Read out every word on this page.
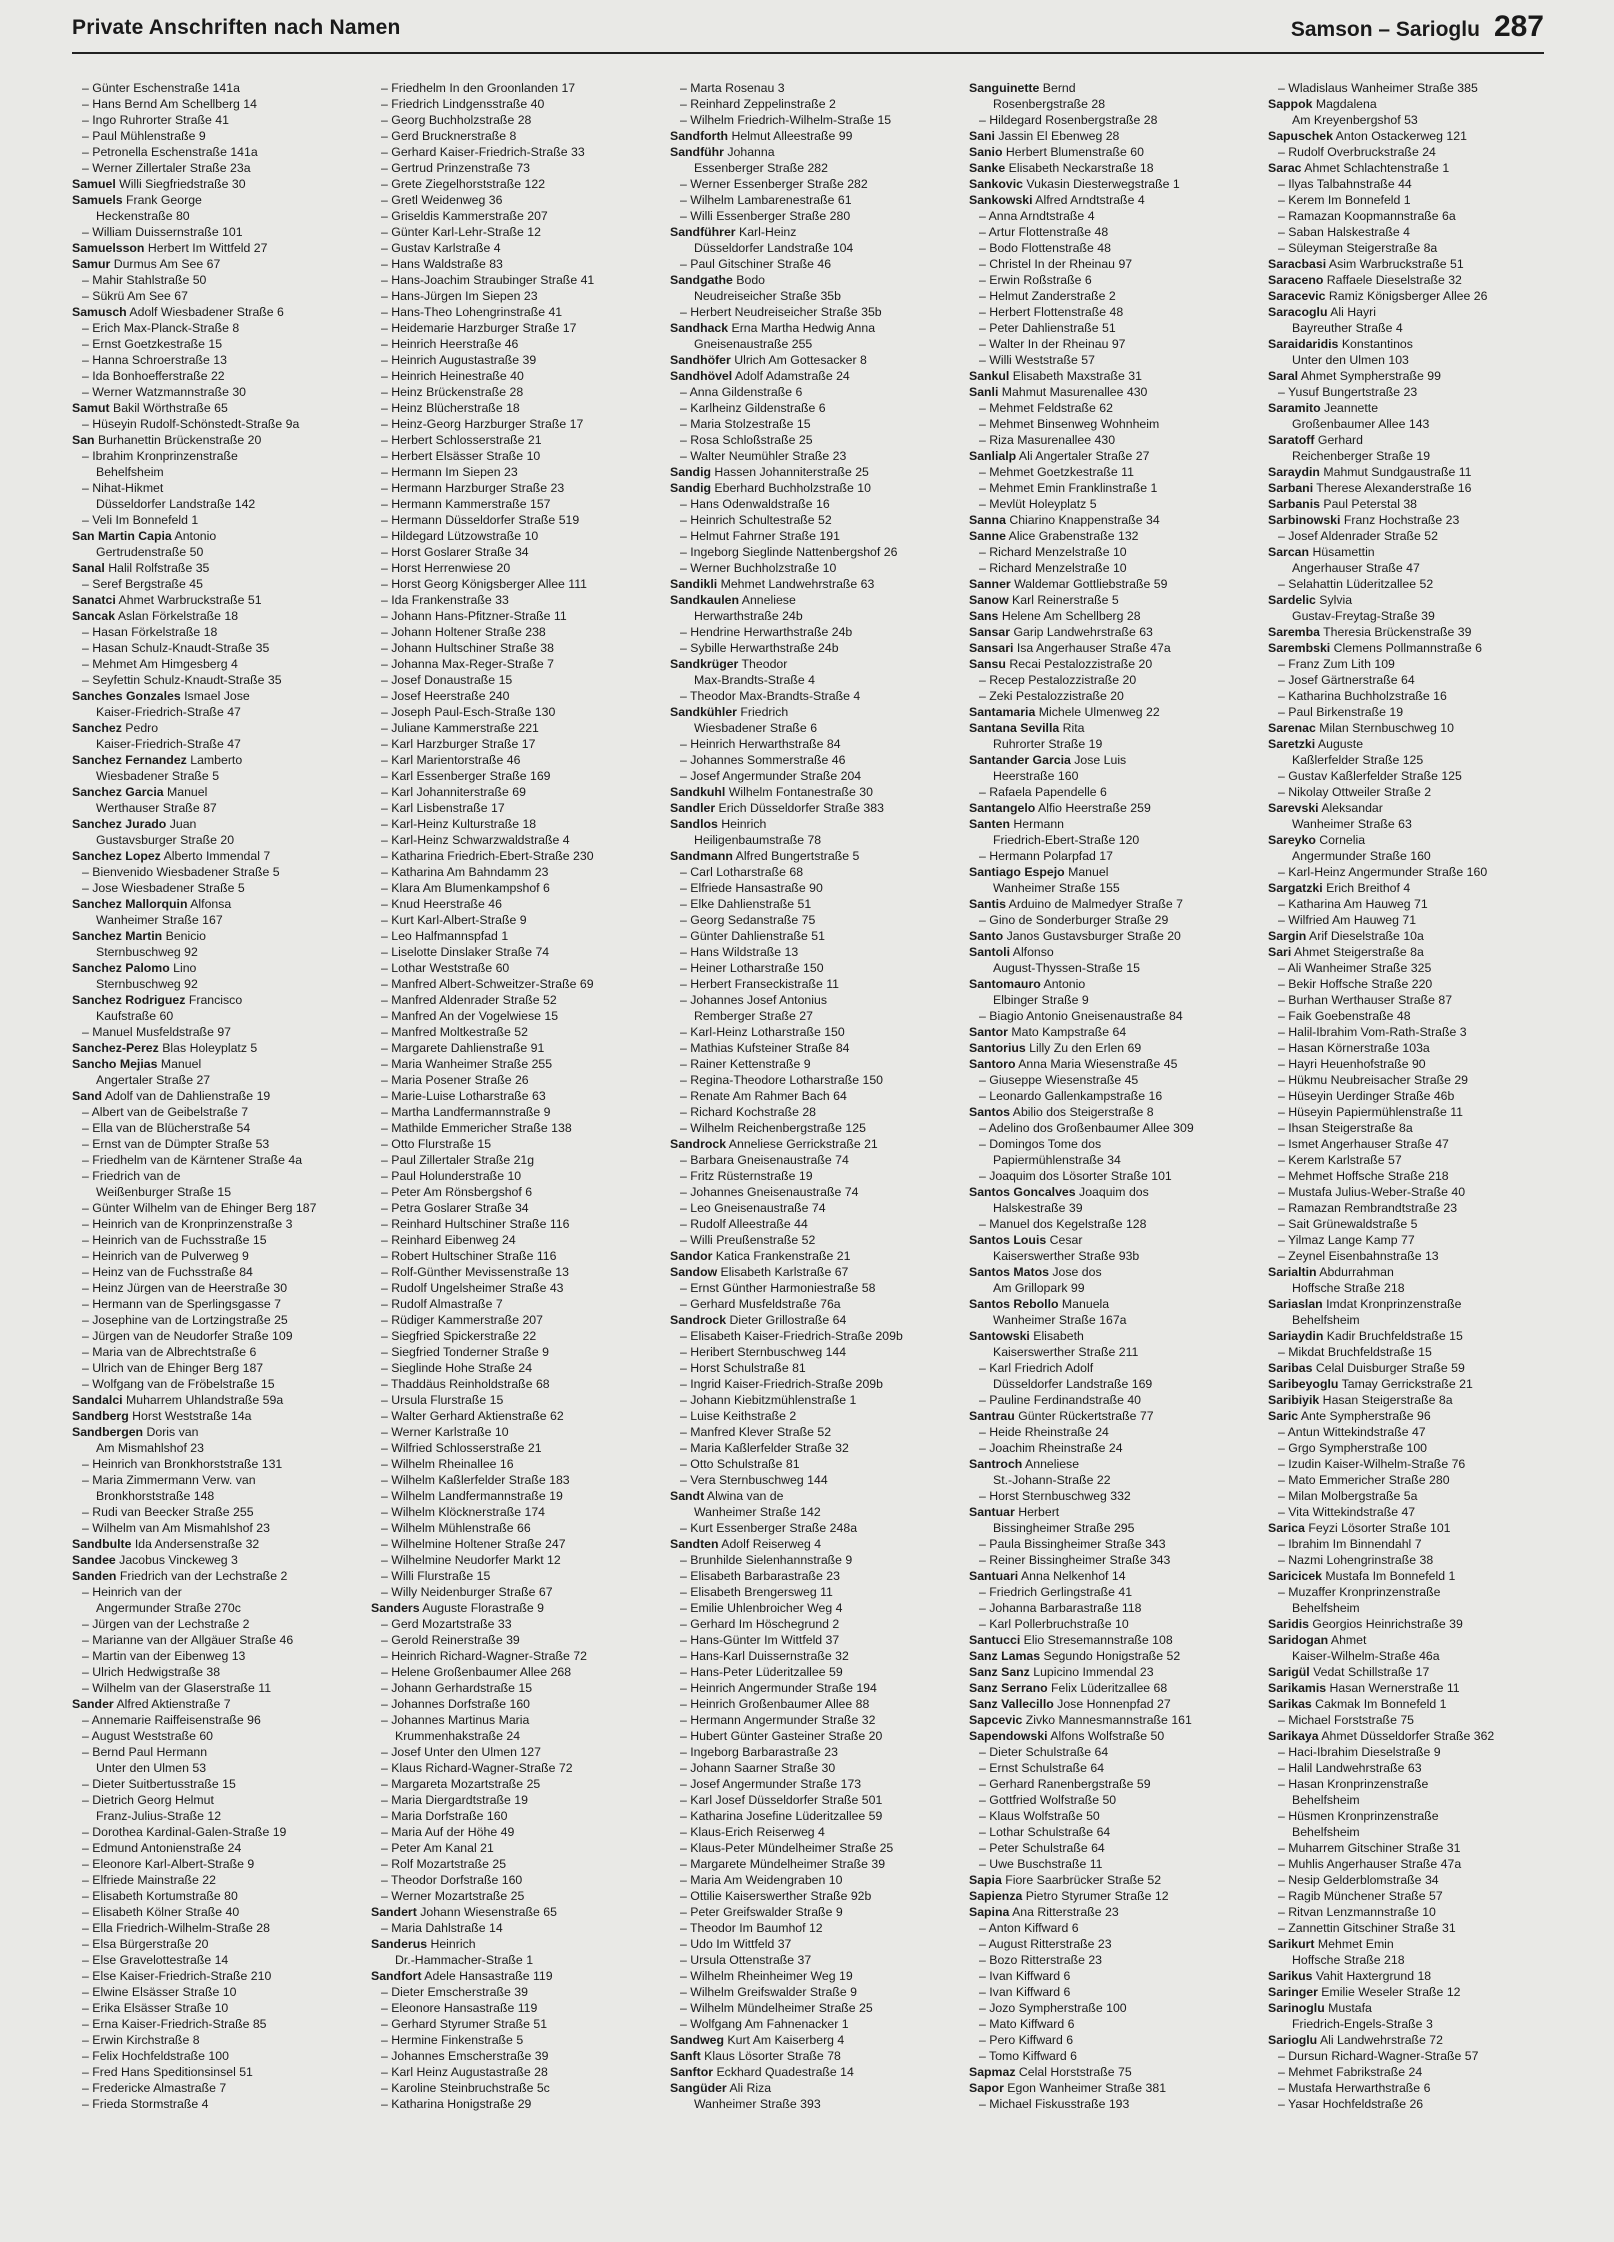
Private Anschriften nach Namen	Samson – Sarioglu 287
– Günter Eschenstraße 141a
– Hans Bernd Am Schellberg 14
– Ingo Ruhrorter Straße 41
– Paul Mühlenstraße 9
– Petronella Eschenstraße 141a
– Werner Zillertaler Straße 23a
Samuel Willi Siegfriedstraße 30
Samuels Frank George
Heckenstraße 80
– William Duissernstraße 101
Samuelsson Herbert Im Wittfeld 27
Samur Durmus Am See 67
– Mahir Stahlstraße 50
– Sükrü Am See 67
Samusch Adolf Wiesbadener Straße 6
– Erich Max-Planck-Straße 8
– Ernst Goetzkestraße 15
– Hanna Schroerstraße 13
– Ida Bonhoefferstraße 22
– Werner Watzmannstraße 30
Samut Bakil Wörthstraße 65
– Hüseyin Rudolf-Schönstedt-Straße 9a
San Burhanettin Brückenstraße 20
– Ibrahim Kronprinzenstraße
Behelfsheim
– Nihat-Hikmet
Düsseldorfer Landstraße 142
– Veli Im Bonnefeld 1
San Martin Capia Antonio
Gertrudenstraße 50
Sanal Halil Rolfstraße 35
– Seref Bergstraße 45
Sanatci Ahmet Warbruckstraße 51
Sancak Aslan Förkelstraße 18
– Hasan Förkelstraße 18
– Hasan Schulz-Knaudt-Straße 35
– Mehmet Am Himgesberg 4
– Seyfettin Schulz-Knaudt-Straße 35
Sanches Gonzales Ismael Jose
Kaiser-Friedrich-Straße 47
Sanchez Pedro
Kaiser-Friedrich-Straße 47
Sanchez Fernandez Lamberto
Wiesbadener Straße 5
Sanchez Garcia Manuel
Werthauser Straße 87
Sanchez Jurado Juan
Gustavsburger Straße 20
Sanchez Lopez Alberto Immendal 7
– Bienvenido Wiesbadener Straße 5
– Jose Wiesbadener Straße 5
Sanchez Mallorquin Alfonsa
Wanheimer Straße 167
Sanchez Martin Benicio
Sternbuschweg 92
Sanchez Palomo Lino
Sternbuschweg 92
Sanchez Rodriguez Francisco
Kaufstraße 60
– Manuel Musfeldstraße 97
Sanchez-Perez Blas Holeyplatz 5
Sancho Mejias Manuel
Angertaler Straße 27
Sand Adolf van de Dahlienstraße 19
– Albert van de Geibelstraße 7
– Ella van de Blücherstraße 54
– Ernst van de Dümpter Straße 53
– Friedhelm van de Kärntener Straße 4a
– Friedrich van de
Weißenburger Straße 15
– Günter Wilhelm van de Ehinger Berg 187
– Heinrich van de Kronprinzenstraße 3
– Heinrich van de Fuchsstraße 15
– Heinrich van de Pulverweg 9
– Heinz van de Fuchsstraße 84
– Heinz Jürgen van de Heerstraße 30
– Hermann van de Sperlingsgasse 7
– Josephine van de Lortzingstraße 25
– Jürgen van de Neudorfer Straße 109
– Maria van de Albrechtstraße 6
– Ulrich van de Ehinger Berg 187
– Wolfgang van de Fröbelstraße 15
Sandalci Muharrem Uhlandstraße 59a
Sandberg Horst Weststraße 14a
Sandbergen Doris van
Am Mismahlshof 23
– Heinrich van Bronkhorststraße 131
– Maria Zimmermann Verw. van
Bronkhorststraße 148
– Rudi van Beecker Straße 255
– Wilhelm van Am Mismahlshof 23
Sandbulte Ida Andersenstraße 32
Sandee Jacobus Vinckeweg 3
Sanden Friedrich van der Lechstraße 2
– Heinrich van der
Angermunder Straße 270c
– Jürgen van der Lechstraße 2
– Marianne van der Allgäuer Straße 46
– Martin van der Eibenweg 13
– Ulrich Hedwigstraße 38
– Wilhelm van der Glaserstraße 11
Sander Alfred Aktienstraße 7
– Annemarie Raiffeisenstraße 96
– August Weststraße 60
– Bernd Paul Hermann
Unter den Ulmen 53
– Dieter Suitbertusstraße 15
– Dietrich Georg Helmut
Franz-Julius-Straße 12
– Dorothea Kardinal-Galen-Straße 19
– Edmund Antonienstraße 24
– Eleonore Karl-Albert-Straße 9
– Elfriede Mainstraße 22
– Elisabeth Kortumstraße 80
– Elisabeth Kölner Straße 40
– Ella Friedrich-Wilhelm-Straße 28
– Elsa Bürgerstraße 20
– Else Gravelottestraße 14
– Else Kaiser-Friedrich-Straße 210
– Elwine Elsässer Straße 10
– Erika Elsässer Straße 10
– Erna Kaiser-Friedrich-Straße 85
– Erwin Kirchstraße 8
– Felix Hochfeldstraße 100
– Fred Hans Speditionsinsel 51
– Fredericke Almastraße 7
– Frieda Stormstraße 4
– Friedhelm In den Groonlanden 17
– Friedrich Lindgensstraße 40
– Georg Buchholzstraße 28
– Gerd Brucknerstraße 8
– Gerhard Kaiser-Friedrich-Straße 33
– Gertrud Prinzenstraße 73
– Grete Ziegelhorststraße 122
– Gretl Weidenweg 36
– Griseldis Kammerstraße 207
– Günter Karl-Lehr-Straße 12
– Gustav Karlstraße 4
– Hans Waldstraße 83
– Hans-Joachim Straubinger Straße 41
– Hans-Jürgen Im Siepen 23
– Hans-Theo Lohengrinstraße 41
– Heidemarie Harzburger Straße 17
– Heinrich Heerstraße 46
– Heinrich Augustastraße 39
– Heinrich Heinestraße 40
– Heinz Brückenstraße 28
– Heinz Blücherstraße 18
– Heinz-Georg Harzburger Straße 17
– Herbert Schlosserstraße 21
– Herbert Elsässer Straße 10
– Hermann Im Siepen 23
– Hermann Harzburger Straße 23
– Hermann Kammerstraße 157
– Hermann Düsseldorfer Straße 519
– Hildegard Lützowstraße 10
– Horst Goslarer Straße 34
– Horst Herrenwiese 20
– Horst Georg Königsberger Allee 111
– Ida Frankenstraße 33
– Johann Hans-Pfitzner-Straße 11
– Johann Holtener Straße 238
– Johann Hultschiner Straße 38
– Johanna Max-Reger-Straße 7
– Josef Donaustraße 15
– Josef Heerstraße 240
– Joseph Paul-Esch-Straße 130
– Juliane Kammerstraße 221
– Karl Harzburger Straße 17
– Karl Marientorstraße 46
– Karl Essenberger Straße 169
– Karl Johanniterstraße 69
– Karl Lisbenstraße 17
– Karl-Heinz Kulturstraße 18
– Karl-Heinz Schwarzwaldstraße 4
– Katharina Friedrich-Ebert-Straße 230
– Katharina Am Bahndamm 23
– Klara Am Blumenkampshof 6
– Knud Heerstraße 46
– Kurt Karl-Albert-Straße 9
– Leo Halfmannspfad 1
– Liselotte Dinslaker Straße 74
– Lothar Weststraße 60
– Manfred Albert-Schweitzer-Straße 69
– Manfred Aldenrader Straße 52
– Manfred An der Vogelwiese 15
– Manfred Moltkestraße 52
– Margarete Dahlienstraße 91
– Maria Wanheimer Straße 255
– Maria Posener Straße 26
– Marie-Luise Lotharstraße 63
– Martha Landfermannstraße 9
– Mathilde Emmericher Straße 138
– Otto Flurstraße 15
– Paul Zillertaler Straße 21g
– Paul Holunderstraße 10
– Peter Am Rönsbergshof 6
– Petra Goslarer Straße 34
– Reinhard Hultschiner Straße 116
– Reinhard Eibenweg 24
– Robert Hultschiner Straße 116
– Rolf-Günther Mevissenstraße 13
– Rudolf Ungelsheimer Straße 43
– Rudolf Almastraße 7
– Rüdiger Kammerstraße 207
– Siegfried Spickerstraße 22
– Siegfried Tonderner Straße 9
– Sieglinde Hohe Straße 24
– Thaddäus Reinholdstraße 68
– Ursula Flurstraße 15
– Walter Gerhard Aktienstraße 62
– Werner Karlstraße 10
– Wilfried Schlosserstraße 21
– Wilhelm Rheinallee 16
– Wilhelm Kaßlerfelder Straße 183
– Wilhelm Landfermannstraße 19
– Wilhelm Klöcknerstraße 174
– Wilhelm Mühlenstraße 66
– Wilhelmine Holtener Straße 247
– Wilhelmine Neudorfer Markt 12
– Willi Flurstraße 15
– Willy Neidenburger Straße 67
Sanders Auguste Florastraße 9
– Gerd Mozartstraße 33
– Gerold Reinerstraße 39
– Heinrich Richard-Wagner-Straße 72
– Helene Großenbaumer Allee 268
– Johann Gerhardstraße 15
– Johannes Dorfstraße 160
– Johannes Martinus Maria
Krummenhakstraße 24
– Josef Unter den Ulmen 127
– Klaus Richard-Wagner-Straße 72
– Margareta Mozartstraße 25
– Maria Diergardtstraße 19
– Maria Dorfstraße 160
– Maria Auf der Höhe 49
– Peter Am Kanal 21
– Rolf Mozartstraße 25
– Theodor Dorfstraße 160
– Werner Mozartstraße 25
Sandert Johann Wiesenstraße 65
– Maria Dahlstraße 14
Sanderus Heinrich
Dr.-Hammacher-Straße 1
Sandfort Adele Hansastraße 119
– Dieter Emscherstraße 39
– Eleonore Hansastraße 119
– Gerhard Styrumer Straße 51
– Hermine Finkenstraße 5
– Johannes Emscherstraße 39
– Karl Heinz Augustastraße 28
– Karoline Steinbruchstraße 5c
– Katharina Honigstraße 29
– Marta Rosenau 3
– Reinhard Zeppelinstraße 2
– Wilhelm Friedrich-Wilhelm-Straße 15
Sandforth Helmut Alleestraße 99
Sandführ Johanna
Essenberger Straße 282
– Werner Essenberger Straße 282
– Wilhelm Lambarenestraße 61
– Willi Essenberger Straße 280
Sandführer Karl-Heinz
Düsseldorfer Landstraße 104
– Paul Gitschiner Straße 46
Sandgathe Bodo
Neudreiseicher Straße 35b
– Herbert Neudreiseicher Straße 35b
Sandhack Erna Martha Hedwig Anna
Gneisenaustraße 255
Sandhöfer Ulrich Am Gottesacker 8
Sandhövel Adolf Adamstraße 24
– Anna Gildenstraße 6
– Karlheinz Gildenstraße 6
– Maria Stolzestraße 15
– Rosa Schloßstraße 25
– Walter Neumühler Straße 23
Sandig Hassen Johanniterstraße 25
Sandig Eberhard Buchholzstraße 10
– Hans Odenwaldstraße 16
– Heinrich Schultestraße 52
– Helmut Fahrner Straße 191
– Ingeborg Sieglinde Nattenbergshof 26
– Werner Buchholzstraße 10
Sandikli Mehmet Landwehrstraße 63
Sandkaulen Anneliese
Herwarthstraße 24b
– Hendrine Herwarthstraße 24b
– Sybille Herwarthstraße 24b
Sandkrüger Theodor
Max-Brandts-Straße 4
– Theodor Max-Brandts-Straße 4
Sandkühler Friedrich
Wiesbadener Straße 6
– Heinrich Herwarthstraße 84
– Johannes Sommerstraße 46
– Josef Angermunder Straße 204
Sandkuhl Wilhelm Fontanestraße 30
Sandler Erich Düsseldorfer Straße 383
Sandlos Heinrich
Heiligenbaumstraße 78
Sandmann Alfred Bungertstraße 5
– Carl Lotharstraße 68
– Elfriede Hansastraße 90
– Elke Dahlienstraße 51
– Georg Sedanstraße 75
– Günter Dahlienstraße 51
– Hans Wildstraße 13
– Heiner Lotharstraße 150
– Herbert Franseckistraße 11
– Johannes Josef Antonius
Remberger Straße 27
– Karl-Heinz Lotharstraße 150
– Mathias Kufsteiner Straße 84
– Rainer Kettenstraße 9
– Regina-Theodore Lotharstraße 150
– Renate Am Rahmer Bach 64
– Richard Kochstraße 28
– Wilhelm Reichenbergstraße 125
Sandrock Anneliese Gerrickstraße 21
– Barbara Gneisenaustraße 74
– Fritz Rüsternstraße 19
– Johannes Gneisenaustraße 74
– Leo Gneisenaustraße 74
– Rudolf Alleestraße 44
– Willi Preußenstraße 52
Sandor Katica Frankenstraße 21
Sandow Elisabeth Karlstraße 67
– Ernst Günther Harmoniestraße 58
– Gerhard Musfeldstraße 76a
Sandrock Dieter Grillostraße 64
– Elisabeth Kaiser-Friedrich-Straße 209b
– Heribert Sternbuschweg 144
– Horst Schulstraße 81
– Ingrid Kaiser-Friedrich-Straße 209b
– Johann Kiebitzmühlenstraße 1
– Luise Keithstraße 2
– Manfred Klever Straße 52
– Maria Kaßlerfelder Straße 32
– Otto Schulstraße 81
– Vera Sternbuschweg 144
Sandt Alwina van de
Wanheimer Straße 142
– Kurt Essenberger Straße 248a
Sandten Adolf Reiserweg 4
– Brunhilde Sielenhannstraße 9
– Elisabeth Barbarastraße 23
– Elisabeth Brengersweg 11
– Emilie Uhlenbroicher Weg 4
– Gerhard Im Höschegrund 2
– Hans-Günter Im Wittfeld 37
– Hans-Karl Duissernstraße 32
– Hans-Peter Lüderitzallee 59
– Heinrich Angermunder Straße 194
– Heinrich Großenbaumer Allee 88
– Hermann Angermunder Straße 32
– Hubert Günter Gasteiner Straße 20
– Ingeborg Barbarastraße 23
– Johann Saarner Straße 30
– Josef Angermunder Straße 173
– Karl Josef Düsseldorfer Straße 501
– Katharina Josefine Lüderitzallee 59
– Klaus-Erich Reiserweg 4
– Klaus-Peter Mündelheimer Straße 25
– Margarete Mündelheimer Straße 39
– Maria Am Weidengraben 10
– Ottilie Kaiserswerther Straße 92b
– Peter Greifswalder Straße 9
– Theodor Im Baumhof 12
– Udo Im Wittfeld 37
– Ursula Ottenstraße 37
– Wilhelm Rheinheimer Weg 19
– Wilhelm Greifswalder Straße 9
– Wilhelm Mündelheimer Straße 25
– Wolfgang Am Fahnenacker 1
Sandweg Kurt Am Kaiserberg 4
Sanft Klaus Lösorter Straße 78
Sanftor Eckhard Quadestraße 14
Sangüder Ali Riza
Wanheimer Straße 393
Sanguinette Bernd
Rosenbergstraße 28
– Hildegard Rosenbergstraße 28
Sani Jassin El Ebenweg 28
Sanio Herbert Blumenstraße 60
Sanke Elisabeth Neckarstraße 18
Sankovic Vukasin Diesterwegstraße 1
Sankowski Alfred Arndtstraße 4
– Anna Arndtstraße 4
– Artur Flottenstraße 48
– Bodo Flottenstraße 48
– Christel In der Rheinau 97
– Erwin Roßstraße 6
– Helmut Zanderstraße 2
– Herbert Flottenstraße 48
– Peter Dahlienstraße 51
– Walter In der Rheinau 97
– Willi Weststraße 57
Sankul Elisabeth Maxstraße 31
Sanli Mahmut Masurenallee 430
– Mehmet Feldstraße 62
– Mehmet Binsenweg Wohnheim
– Riza Masurenallee 430
Sanlialp Ali Angertaler Straße 27
– Mehmet Goetzkestraße 11
– Mehmet Emin Franklinstraße 1
– Mevlüt Holeyplatz 5
Sanna Chiarino Knappenstraße 34
Sanne Alice Grabenstraße 132
– Richard Menzelstraße 10
– Richard Menzelstraße 10
Sanner Waldemar Gottliebstraße 59
Sanow Karl Reinerstraße 5
Sans Helene Am Schellberg 28
Sansar Garip Landwehrstraße 63
Sansari Isa Angerhauser Straße 47a
Sansu Recai Pestalozzistraße 20
– Recep Pestalozzistraße 20
– Zeki Pestalozzistraße 20
Santamaria Michele Ulmenweg 22
Santana Sevilla Rita
Ruhrorter Straße 19
Santander Garcia Jose Luis
Heerstraße 160
– Rafaela Papendelle 6
Santangelo Alfio Heerstraße 259
Santen Hermann
Friedrich-Ebert-Straße 120
– Hermann Polarpfad 17
Santiago Espejo Manuel
Wanheimer Straße 155
Santis Arduino de Malmedyer Straße 7
– Gino de Sonderburger Straße 29
Santo Janos Gustavsburger Straße 20
Santoli Alfonso
August-Thyssen-Straße 15
Santomauro Antonio
Elbinger Straße 9
– Biagio Antonio Gneisenaustraße 84
Santor Mato Kampstraße 64
Santorius Lilly Zu den Erlen 69
Santoro Anna Maria Wiesenstraße 45
– Giuseppe Wiesenstraße 45
– Leonardo Gallenkampstraße 16
Santos Abilio dos Steigerstraße 8
– Adelino dos Großenbaumer Allee 309
– Domingos Tome dos
Papiermühlenstraße 34
– Joaquim dos Lösorter Straße 101
Santos Goncalves Joaquim dos
Halskestraße 39
– Manuel dos Kegelstraße 128
Santos Louis Cesar
Kaiserswerther Straße 93b
Santos Matos Jose dos
Am Grillopark 99
Santos Rebollo Manuela
Wanheimer Straße 167a
Santowski Elisabeth
Kaiserswerther Straße 211
– Karl Friedrich Adolf
Düsseldorfer Landstraße 169
– Pauline Ferdinandstraße 40
Santrau Günter Rückertstraße 77
– Heide Rheinstraße 24
– Joachim Rheinstraße 24
Santroch Anneliese
St.-Johann-Straße 22
– Horst Sternbuschweg 332
Santuar Herbert
Bissingheimer Straße 295
– Paula Bissingheimer Straße 343
– Reiner Bissingheimer Straße 343
Santuari Anna Nelkenhof 14
– Friedrich Gerlingstraße 41
– Johanna Barbarastraße 118
– Karl Pollerbruchstraße 10
Santucci Elio Stresemannstraße 108
Sanz Lamas Segundo Honigstraße 52
Sanz Sanz Lupicino Immendal 23
Sanz Serrano Felix Lüderitzallee 68
Sanz Vallecillo Jose Honnenpfad 27
Sapcevic Zivko Mannesmannstraße 161
Sapendowski Alfons Wolfstraße 50
– Dieter Schulstraße 64
– Ernst Schulstraße 64
– Gerhard Ranenbergstraße 59
– Gottfried Wolfstraße 50
– Klaus Wolfstraße 50
– Lothar Schulstraße 64
– Peter Schulstraße 64
– Uwe Buschstraße 11
Sapia Fiore Saarbrücker Straße 52
Sapienza Pietro Styrumer Straße 12
Sapina Ana Ritterstraße 23
– Anton Kiffward 6
– August Ritterstraße 23
– Bozo Ritterstraße 23
– Ivan Kiffward 6
– Ivan Kiffward 6
– Jozo Sympherstraße 100
– Mato Kiffward 6
– Pero Kiffward 6
– Tomo Kiffward 6
Sapmaz Celal Horststraße 75
Sapor Egon Wanheimer Straße 381
– Michael Fiskusstraße 193
– Wladislaus Wanheimer Straße 385
Sappok Magdalena
Am Kreyenbergshof 53
Sapuschek Anton Ostackerweg 121
– Rudolf Overbruckstraße 24
Sarac Ahmet Schlachtenstraße 1
– Ilyas Talbahnstraße 44
– Kerem Im Bonnefeld 1
– Ramazan Koopmannstraße 6a
– Saban Halskestraße 4
– Süleyman Steigerstraße 8a
Saracbasi Asim Warbruckstraße 51
Saraceno Raffaele Dieselstraße 32
Saracevic Ramiz Königsberger Allee 26
Saracoglu Ali Hayri
Bayreuther Straße 4
Saraidaridis Konstantinos
Unter den Ulmen 103
Saral Ahmet Sympherstraße 99
– Yusuf Bungertstraße 23
Saramito Jeannette
Großenbaumer Allee 143
Saratoff Gerhard
Reichenberger Straße 19
Saraydin Mahmut Sundgaustraße 11
Sarbani Therese Alexanderstraße 16
Sarbanis Paul Peterstal 38
Sarbinowski Franz Hochstraße 23
– Josef Aldenrader Straße 52
Sarcan Hüsamettin
Angerhauser Straße 47
– Selahattin Lüderitzallee 52
Sardelic Sylvia
Gustav-Freytag-Straße 39
Saremba Theresia Brückenstraße 39
Sarembski Clemens Pollmannstraße 6
– Franz Zum Lith 109
– Josef Gärtnerstraße 64
– Katharina Buchholzstraße 16
– Paul Birkenstraße 19
Sarenac Milan Sternbuschweg 10
Saretzki Auguste
Kaßlerfelder Straße 125
– Gustav Kaßlerfelder Straße 125
– Nikolay Ottweiler Straße 2
Sarevski Aleksandar
Wanheimer Straße 63
Sareyko Cornelia
Angermunder Straße 160
– Karl-Heinz Angermunder Straße 160
Sargatzki Erich Breithof 4
– Katharina Am Hauweg 71
– Wilfried Am Hauweg 71
Sargin Arif Dieselstraße 10a
Sari Ahmet Steigerstraße 8a
– Ali Wanheimer Straße 325
– Bekir Hoffsche Straße 220
– Burhan Werthauser Straße 87
– Faik Goebenstraße 48
– Halil-Ibrahim Vom-Rath-Straße 3
– Hasan Körnerstraße 103a
– Hayri Heuenhofstraße 90
– Hükmu Neubreisacher Straße 29
– Hüseyin Uerdinger Straße 46b
– Hüseyin Papiermühlenstraße 11
– Ihsan Steigerstraße 8a
– Ismet Angerhauser Straße 47
– Kerem Karlstraße 57
– Mehmet Hoffsche Straße 218
– Mustafa Julius-Weber-Straße 40
– Ramazan Rembrandtstraße 23
– Sait Grünewaldstraße 5
– Yilmaz Lange Kamp 77
– Zeynel Eisenbahnstraße 13
Sarialtin Abdurrahman
Hoffsche Straße 218
Sariaslan Imdat Kronprinzenstraße
Behelfsheim
Sariaydin Kadir Bruchfeldstraße 15
– Mikdat Bruchfeldstraße 15
Saribas Celal Duisburger Straße 59
Saribeyoglu Tamay Gerrickstraße 21
Saribiyik Hasan Steigerstraße 8a
Saric Ante Sympherstraße 96
– Antun Wittekindstraße 47
– Grgo Sympherstraße 100
– Izudin Kaiser-Wilhelm-Straße 76
– Mato Emmericher Straße 280
– Milan Molbergstraße 5a
– Vita Wittekindstraße 47
Sarica Feyzi Lösorter Straße 101
– Ibrahim Im Binnendahl 7
– Nazmi Lohengrinstraße 38
Saricicek Mustafa Im Bonnefeld 1
– Muzaffer Kronprinzenstraße
Behelfsheim
Saridis Georgios Heinrichstraße 39
Saridogan Ahmet
Kaiser-Wilhelm-Straße 46a
Sarigül Vedat Schillstraße 17
Sarikamis Hasan Wernerstraße 11
Sarikas Cakmak Im Bonnefeld 1
– Michael Forststraße 75
Sarikaya Ahmet Düsseldorfer Straße 362
– Haci-Ibrahim Dieselstraße 9
– Halil Landwehrstraße 63
– Hasan Kronprinzenstraße
Behelfsheim
– Hüsmen Kronprinzenstraße
Behelfsheim
– Muharrem Gitschiner Straße 31
– Muhlis Angerhauser Straße 47a
– Nesip Gelderblomstraße 34
– Ragib Münchener Straße 57
– Ritvan Lenzmannstraße 10
– Zannettin Gitschiner Straße 31
Sarikurt Mehmet Emin
Hoffsche Straße 218
Sarikus Vahit Haxtergrund 18
Saringer Emilie Weseler Straße 12
Sarinoglu Mustafa
Friedrich-Engels-Straße 3
Sarioglu Ali Landwehrstraße 72
– Dursun Richard-Wagner-Straße 57
– Mehmet Fabrikstraße 24
– Mustafa Herwarthstraße 6
– Yasar Hochfeldstraße 26
